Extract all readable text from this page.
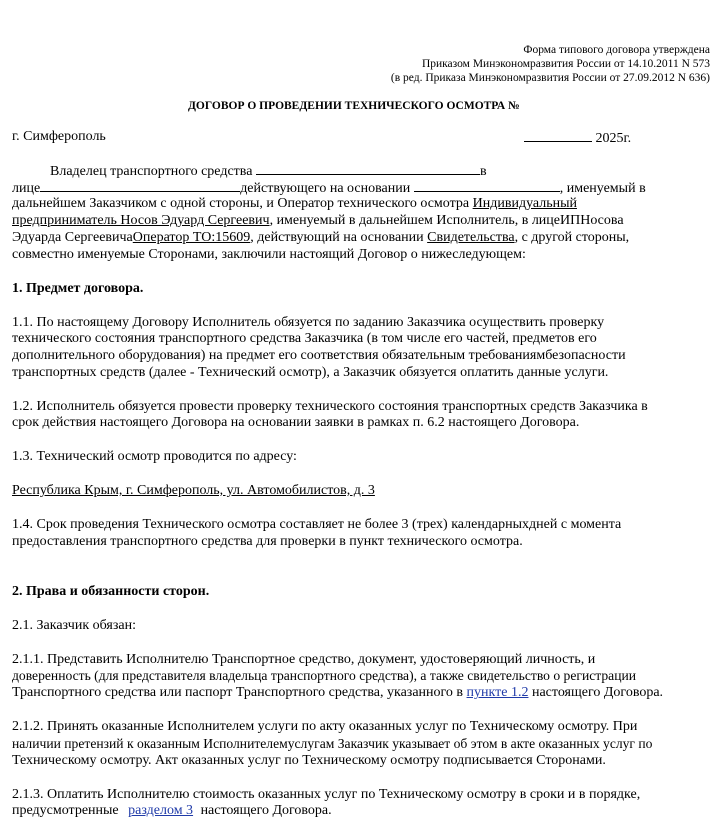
Форма типового договора утверждена
Приказом Минэкономразвития России от 14.10.2011 N 573
(в ред. Приказа Минэкономразвития России от 27.09.2012 N 636)
ДОГОВОР О ПРОВЕДЕНИИ ТЕХНИЧЕСКОГО ОСМОТРА №
г. Симферополь	2025г.
Владелец транспортного средства	в
лице	действующего на основании	, именуемый в
дальнейшем Заказчиком с одной стороны, и Оператор технического осмотра Индивидуальный
предприниматель Носов Эдуард Сергеевич, именуемый в дальнейшем Исполнитель, в лицеИПНосова
Эдуарда СергеевичаОператор ТО:15609, действующий на основании Свидетельства, с другой стороны,
совместно именуемые Сторонами, заключили настоящий Договор о нижеследующем:
1. Предмет договора.
1.1. По настоящему Договору Исполнитель обязуется по заданию Заказчика осуществить проверку
технического состояния транспортного средства Заказчика (в том числе его частей, предметов его
дополнительного оборудования) на предмет его соответствия обязательным требованиямбезопасности
транспортных средств (далее - Технический осмотр), а Заказчик обязуется оплатить данные услуги.
1.2. Исполнитель обязуется провести проверку технического состояния транспортных средств Заказчика в
срок действия настоящего Договора на основании заявки в рамках п. 6.2 настоящего Договора.
1.3. Технический осмотр проводится по адресу:
Республика Крым, г. Симферополь, ул. Автомобилистов, д. 3
1.4. Срок проведения Технического осмотра составляет не более 3 (трех) календарныхдней с момента
предоставления транспортного средства для проверки в пункт технического осмотра.
2. Права и обязанности сторон.
2.1. Заказчик обязан:
2.1.1. Представить Исполнителю Транспортное средство, документ, удостоверяющий личность, и
доверенность (для представителя владельца транспортного средства), а также свидетельство о регистрации
Транспортного средства или паспорт Транспортного средства, указанного в пункте 1.2 настоящего Договора.
2.1.2. Принять оказанные Исполнителем услуги по акту оказанных услуг по Техническому осмотру. При
наличии претензий к оказанным Исполнителемуслугам Заказчик указывает об этом в акте оказанных услуг по
Техническому осмотру. Акт оказанных услуг по Техническому осмотру подписывается Сторонами.
2.1.3. Оплатить Исполнителю стоимость оказанных услуг по Техническому осмотру в сроки и в порядке,
предусмотренные разделом 3 настоящего Договора.
